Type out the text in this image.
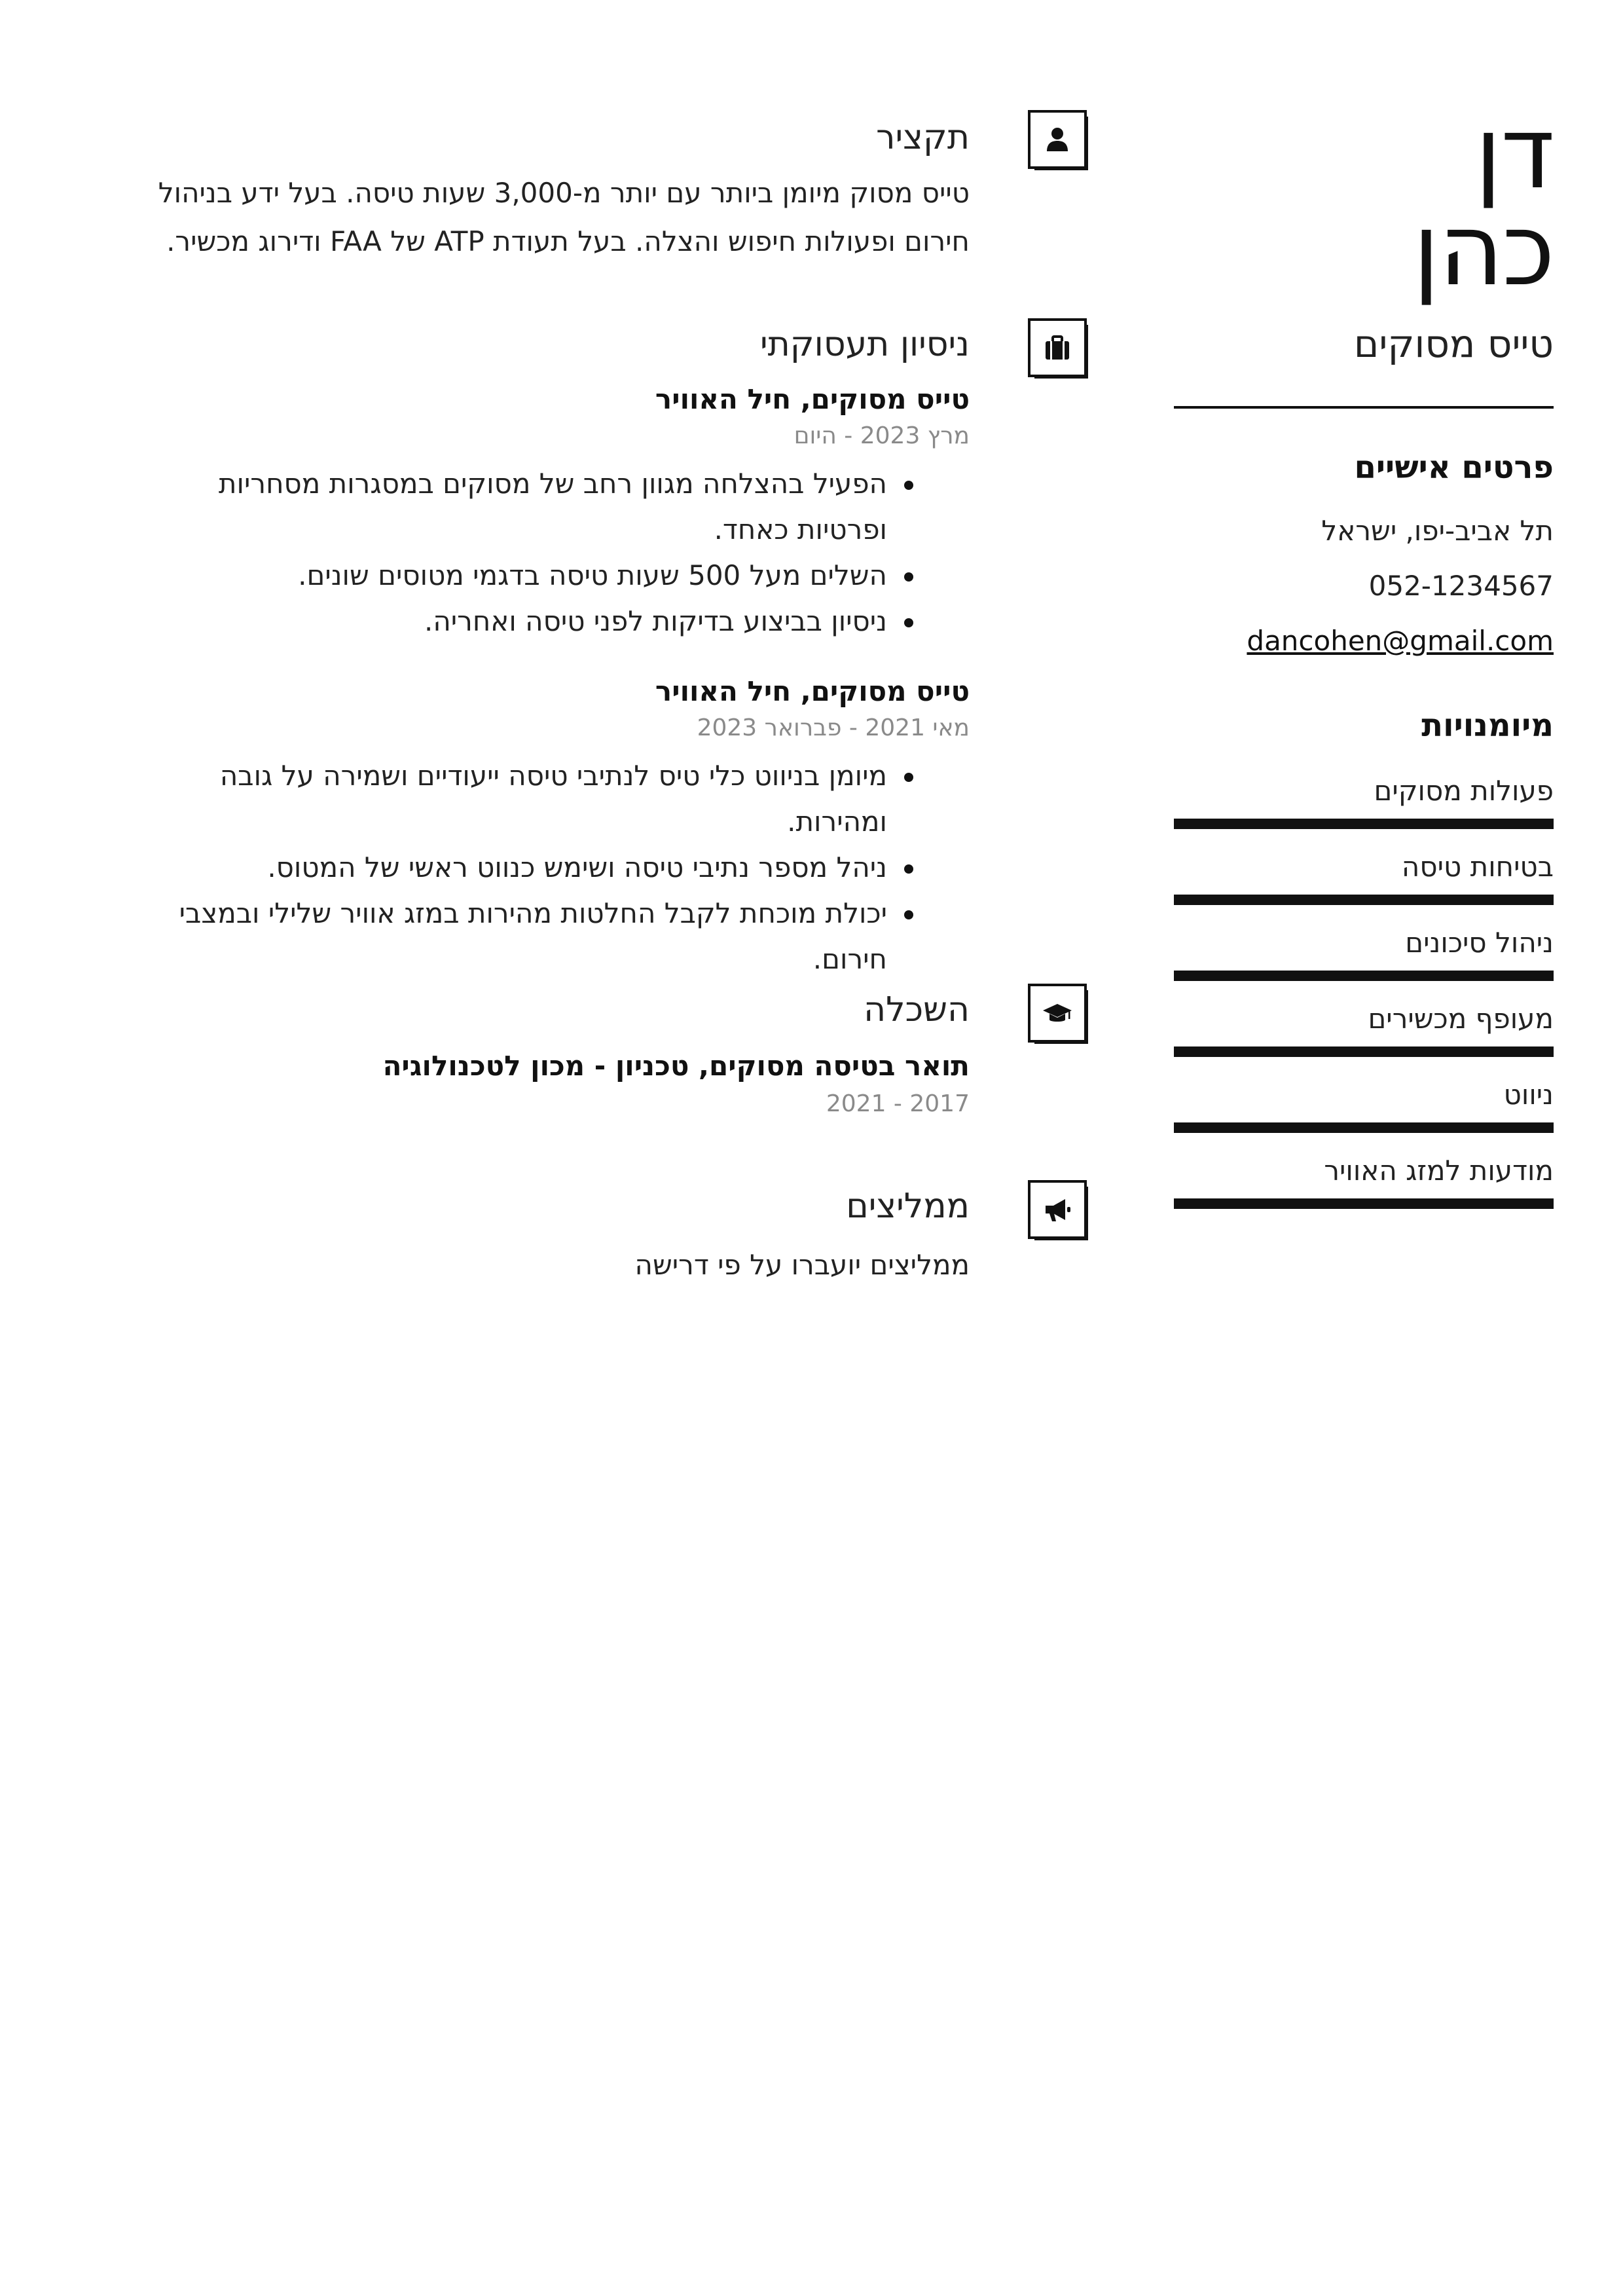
דן
כהן
טייס מסוקים
פרטים אישיים
תל אביב-יפו, ישראל
052-1234567
dancohen@gmail.com
מיומנויות
פעולות מסוקים
בטיחות טיסה
ניהול סיכונים
מעופף מכשירים
ניווט
מודעות למזג האוויר
תקציר
טייס מסוק מיומן ביותר עם יותר מ-3,000 שעות טיסה. בעל ידע בניהול חירום ופעולות חיפוש והצלה. בעל תעודת ATP של FAA ודירוג מכשיר.
ניסיון תעסוקתי
טייס מסוקים, חיל האוויר
מרץ 2023 - היום
הפעיל בהצלחה מגוון רחב של מסוקים במסגרות מסחריות ופרטיות כאחד.
השלים מעל 500 שעות טיסה בדגמי מטוסים שונים.
ניסיון בביצוע בדיקות לפני טיסה ואחריה.
טייס מסוקים, חיל האוויר
מאי 2021 - פברואר 2023
מיומן בניווט כלי טיס לנתיבי טיסה ייעודיים ושמירה על גובה ומהירות.
ניהל מספר נתיבי טיסה ושימש כנווט ראשי של המטוס.
יכולת מוכחת לקבל החלטות מהירות במזג אוויר שלילי ובמצבי חירום.
השכלה
תואר בטיסה מסוקים, טכניון - מכון לטכנולוגיה
2017 - 2021
ממליצים
ממליצים יועברו על פי דרישה
